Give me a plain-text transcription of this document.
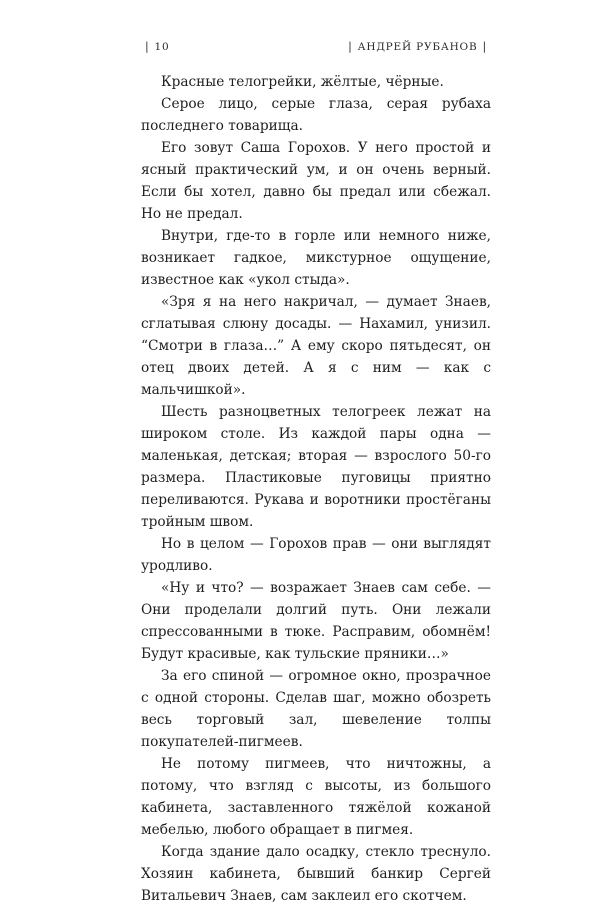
| 10	| АНДРЕЙ РУБАНОВ |

Красные телогрейки, жёлтые, чёрные.

Серое лицо, серые глаза, серая рубаха последнего товарища.

Его зовут Саша Горохов. У него простой и ясный практический ум, и он очень верный. Если бы хотел, давно бы предал или сбежал. Но не предал.

Внутри, где-то в горле или немного ниже, возникает гадкое, микстурное ощущение, известное как «укол стыда».

«Зря я на него накричал, — думает Знаев, сглатывая слюну досады. — Нахамил, унизил. “Смотри в глаза…” А ему скоро пятьдесят, он отец двоих детей. А я с ним — как с мальчишкой».

Шесть разноцветных телогреек лежат на широком столе. Из каждой пары одна — маленькая, детская; вторая — взрослого 50-го размера. Пластиковые пуговицы приятно переливаются. Рукава и воротники простёганы тройным швом.

Но в целом — Горохов прав — они выглядят уродливо.

«Ну и что? — возражает Знаев сам себе. — Они проделали долгий путь. Они лежали спрессованными в тюке. Расправим, обомнём! Будут красивые, как тульские пряники…»

За его спиной — огромное окно, прозрачное с одной стороны. Сделав шаг, можно обозреть весь торговый зал, шевеление толпы покупателей-пигмеев.

Не потому пигмеев, что ничтожны, а потому, что взгляд с высоты, из большого кабинета, заставленного тяжёлой кожаной мебелью, любого обращает в пигмея.

Когда здание дало осадку, стекло треснуло. Хозяин кабинета, бывший банкир Сергей Витальевич Знаев, сам заклеил его скотчем.
